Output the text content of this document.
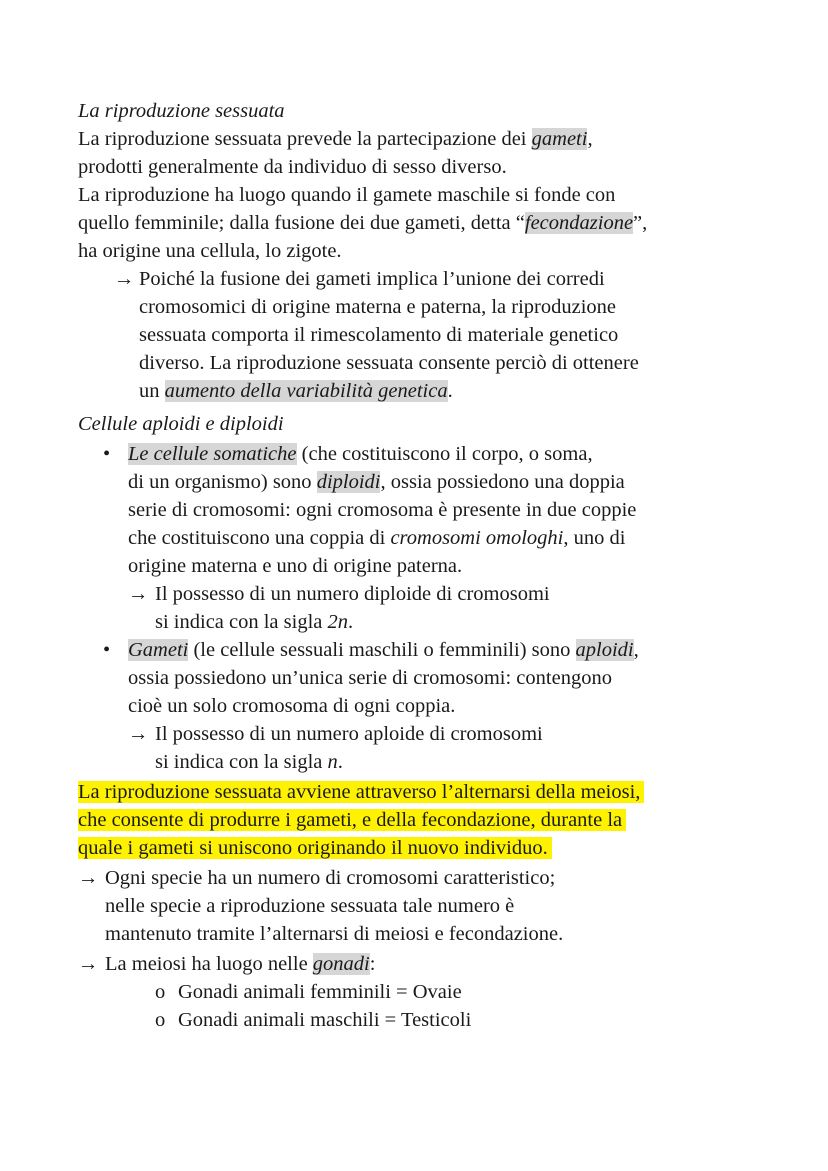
La riproduzione sessuata
La riproduzione sessuata prevede la partecipazione dei gameti,
prodotti generalmente da individuo di sesso diverso.
La riproduzione ha luogo quando il gamete maschile si fonde con
quello femminile; dalla fusione dei due gameti, detta “fecondazione”,
ha origine una cellula, lo zigote.
→ Poiché la fusione dei gameti implica l’unione dei corredi
cromosomici di origine materna e paterna, la riproduzione
sessuata comporta il rimescolamento di materiale genetico
diverso. La riproduzione sessuata consente perciò di ottenere
un aumento della variabilità genetica.
Cellule aploidi e diploidi
• Le cellule somatiche (che costituiscono il corpo, o soma,
di un organismo) sono diploidi, ossia possiedono una doppia
serie di cromosomi: ogni cromosoma è presente in due coppie
che costituiscono una coppia di cromosomi omologhi, uno di
origine materna e uno di origine paterna.
→ Il possesso di un numero diploide di cromosomi
si indica con la sigla 2n.
• Gameti (le cellule sessuali maschili o femminili) sono aploidi,
ossia possiedono un’unica serie di cromosomi: contengono
cioè un solo cromosoma di ogni coppia.
→ Il possesso di un numero aploide di cromosomi
si indica con la sigla n.
La riproduzione sessuata avviene attraverso l’alternarsi della meiosi,
che consente di produrre i gameti, e della fecondazione, durante la
quale i gameti si uniscono originando il nuovo individuo.
→ Ogni specie ha un numero di cromosomi caratteristico;
nelle specie a riproduzione sessuata tale numero è
mantenuto tramite l’alternarsi di meiosi e fecondazione.
→ La meiosi ha luogo nelle gonadi:
o Gonadi animali femminili = Ovaie
o Gonadi animali maschili = Testicoli
